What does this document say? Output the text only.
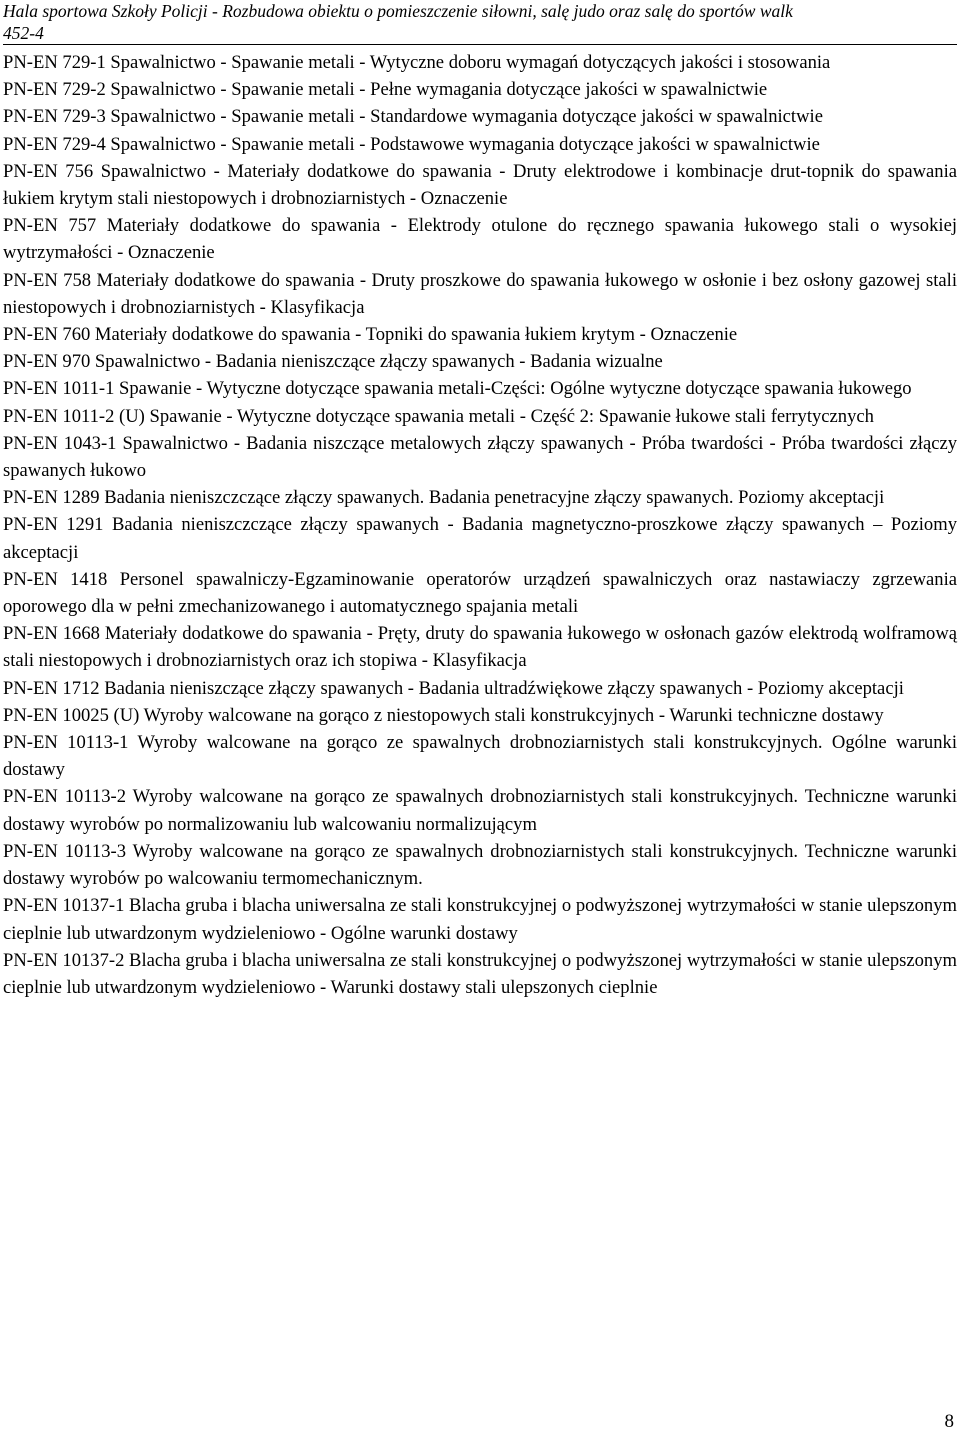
Hala sportowa Szkoły Policji - Rozbudowa obiektu o pomieszczenie siłowni, salę judo oraz salę do sportów walk
452-4

PN-EN 729-1 Spawalnictwo - Spawanie metali - Wytyczne doboru wymagań dotyczących jakości i stosowania

PN-EN 729-2 Spawalnictwo - Spawanie metali - Pełne wymagania dotyczące jakości w spawalnictwie

PN-EN 729-3 Spawalnictwo - Spawanie metali - Standardowe wymagania dotyczące jakości w spawalnictwie

PN-EN 729-4 Spawalnictwo - Spawanie metali - Podstawowe wymagania dotyczące jakości w spawalnictwie

PN-EN 756 Spawalnictwo - Materiały dodatkowe do spawania - Druty elektrodowe i kombinacje drut-topnik do spawania łukiem krytym stali niestopowych i drobnoziarnistych - Oznaczenie

PN-EN 757 Materiały dodatkowe do spawania - Elektrody otulone do ręcznego spawania łukowego stali o wysokiej wytrzymałości - Oznaczenie

PN-EN 758 Materiały dodatkowe do spawania - Druty proszkowe do spawania łukowego w osłonie i bez osłony gazowej stali niestopowych i drobnoziarnistych - Klasyfikacja

PN-EN 760 Materiały dodatkowe do spawania - Topniki do spawania łukiem krytym - Oznaczenie

PN-EN 970 Spawalnictwo - Badania nieniszczące złączy spawanych - Badania wizualne

PN-EN 1011-1 Spawanie - Wytyczne dotyczące spawania metali-Części: Ogólne wytyczne dotyczące spawania łukowego

PN-EN 1011-2 (U) Spawanie - Wytyczne dotyczące spawania metali - Część 2: Spawanie łukowe stali ferrytycznych

PN-EN 1043-1 Spawalnictwo - Badania niszczące metalowych złączy spawanych - Próba twardości - Próba twardości złączy spawanych łukowo

PN-EN 1289 Badania nieniszczczące złączy spawanych. Badania penetracyjne złączy spawanych. Poziomy akceptacji

PN-EN 1291 Badania nieniszczczące złączy spawanych - Badania magnetyczno-proszkowe złączy spawanych – Poziomy akceptacji

PN-EN 1418 Personel spawalniczy-Egzaminowanie operatorów urządzeń spawalniczych oraz nastawiaczy zgrzewania oporowego dla w pełni zmechanizowanego i automatycznego spajania metali

PN-EN 1668 Materiały dodatkowe do spawania - Pręty, druty do spawania łukowego w osłonach gazów elektrodą wolframową stali niestopowych i drobnoziarnistych oraz ich stopiwa - Klasyfikacja

PN-EN 1712 Badania nieniszczące złączy spawanych - Badania ultradźwiękowe złączy spawanych - Poziomy akceptacji

PN-EN 10025 (U) Wyroby walcowane na gorąco z niestopowych stali konstrukcyjnych - Warunki techniczne dostawy

PN-EN 10113-1 Wyroby walcowane na gorąco ze spawalnych drobnoziarnistych stali konstrukcyjnych. Ogólne warunki dostawy

PN-EN 10113-2 Wyroby walcowane na gorąco ze spawalnych drobnoziarnistych stali konstrukcyjnych. Techniczne warunki dostawy wyrobów po normalizowaniu lub walcowaniu normalizującym

PN-EN 10113-3 Wyroby walcowane na gorąco ze spawalnych drobnoziarnistych stali konstrukcyjnych. Techniczne warunki dostawy wyrobów po walcowaniu termomechanicznym.

PN-EN 10137-1 Blacha gruba i blacha uniwersalna ze stali konstrukcyjnej o podwyższonej wytrzymałości w stanie ulepszonym cieplnie lub utwardzonym wydzieleniowo - Ogólne warunki dostawy

PN-EN 10137-2 Blacha gruba i blacha uniwersalna ze stali konstrukcyjnej o podwyższonej wytrzymałości w stanie ulepszonym cieplnie lub utwardzonym wydzieleniowo - Warunki dostawy stali ulepszonych cieplnie

8
